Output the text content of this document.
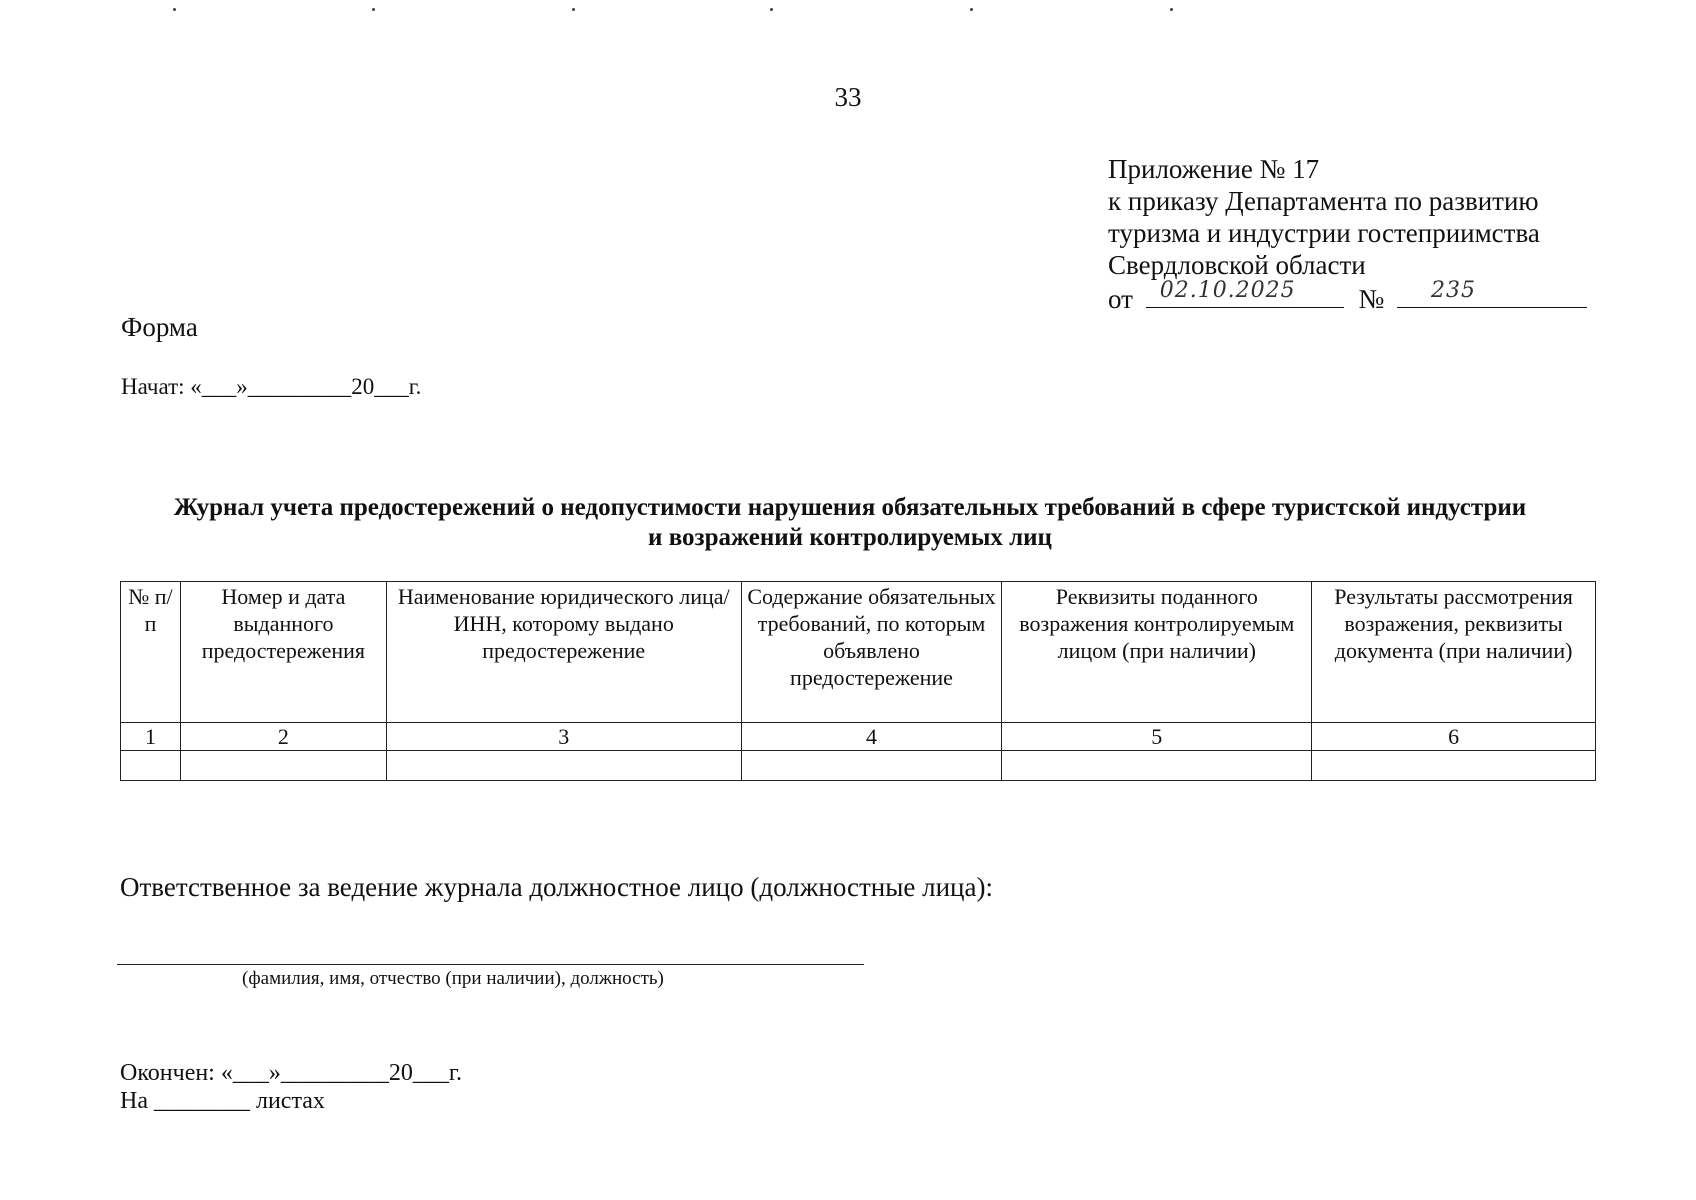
33
Приложение № 17
к приказу Департамента по развитию
туризма и индустрии гостеприимства
Свердловской области
от 02.10.2025 № 235
Форма
Начат: «___»_________20___г.
Журнал учета предостережений о недопустимости нарушения обязательных требований в сфере туристской индустрии
и возражений контролируемых лиц
№ п/п	Номер и дата выданного предостережения	Наименование юридического лица/ ИНН, которому выдано предостережение	Содержание обязательных требований, по которым объявлено предостережение	Реквизиты поданного возражения контролируемым лицом (при наличии)	Результаты рассмотрения возражения, реквизиты документа (при наличии)
1	2	3	4	5	6

Ответственное за ведение журнала должностное лицо (должностные лица):
(фамилия, имя, отчество (при наличии), должность)
Окончен: «___»_________20___г.
На ________ листах
